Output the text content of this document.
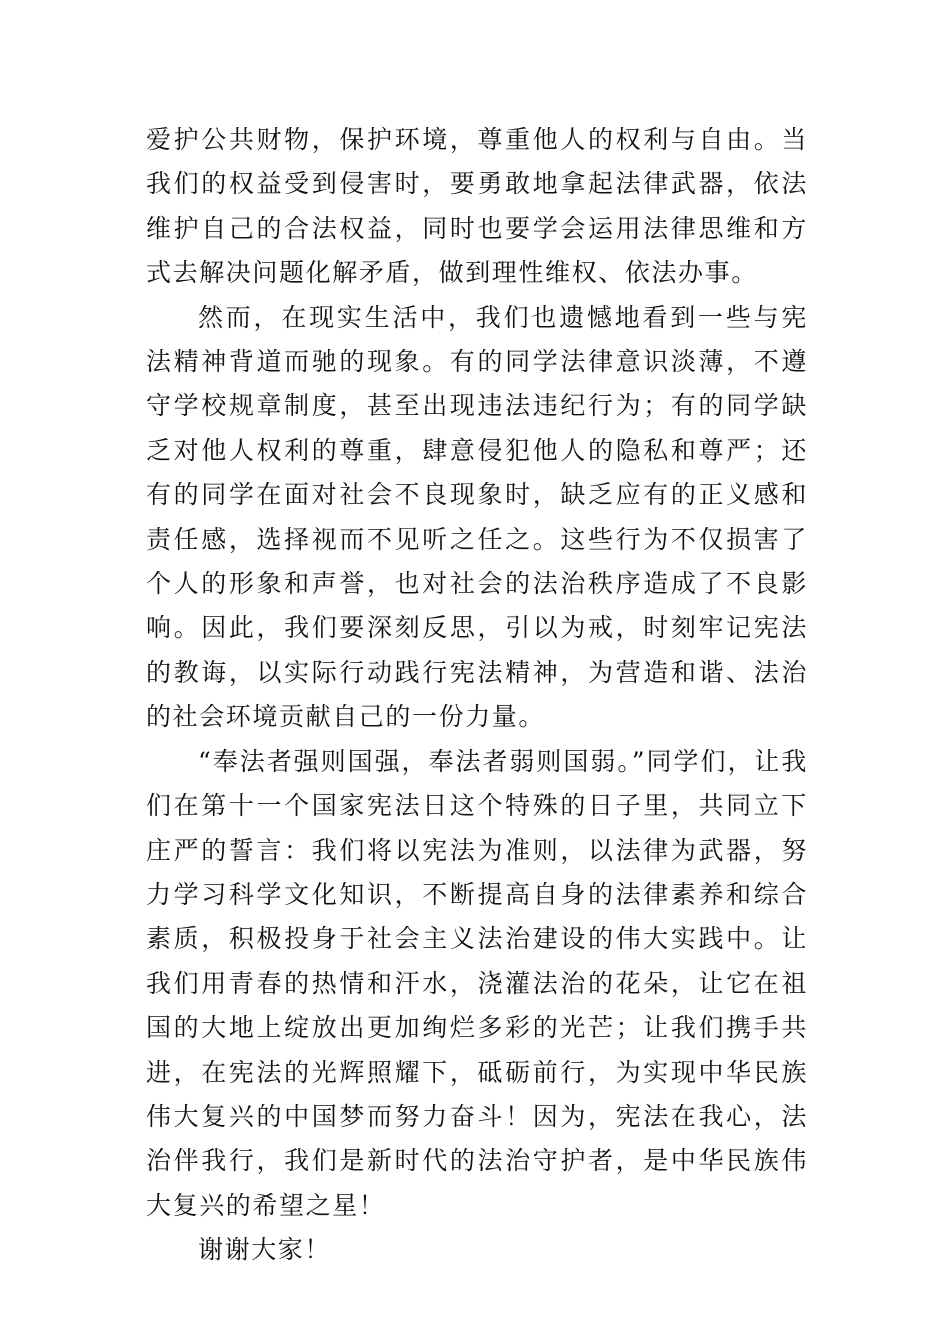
爱护公共财物，保护环境，尊重他人的权利与自由。当我们的权益受到侵害时，要勇敢地拿起法律武器，依法维护自己的合法权益，同时也要学会运用法律思维和方式去解决问题化解矛盾，做到理性维权、依法办事。

然而，在现实生活中，我们也遗憾地看到一些与宪法精神背道而驰的现象。有的同学法律意识淡薄，不遵守学校规章制度，甚至出现违法违纪行为；有的同学缺乏对他人权利的尊重，肆意侵犯他人的隐私和尊严；还有的同学在面对社会不良现象时，缺乏应有的正义感和责任感，选择视而不见听之任之。这些行为不仅损害了个人的形象和声誉，也对社会的法治秩序造成了不良影响。因此，我们要深刻反思，引以为戒，时刻牢记宪法的教诲，以实际行动践行宪法精神，为营造和谐、法治的社会环境贡献自己的一份力量。

“奉法者强则国强，奉法者弱则国弱。”同学们，让我们在第十一个国家宪法日这个特殊的日子里，共同立下庄严的誓言：我们将以宪法为准则，以法律为武器，努力学习科学文化知识，不断提高自身的法律素养和综合素质，积极投身于社会主义法治建设的伟大实践中。让我们用青春的热情和汗水，浇灌法治的花朵，让它在祖国的大地上绽放出更加绚烂多彩的光芒；让我们携手共进，在宪法的光辉照耀下，砥砺前行，为实现中华民族伟大复兴的中国梦而努力奋斗！因为，宪法在我心，法治伴我行，我们是新时代的法治守护者，是中华民族伟大复兴的希望之星！

谢谢大家！
